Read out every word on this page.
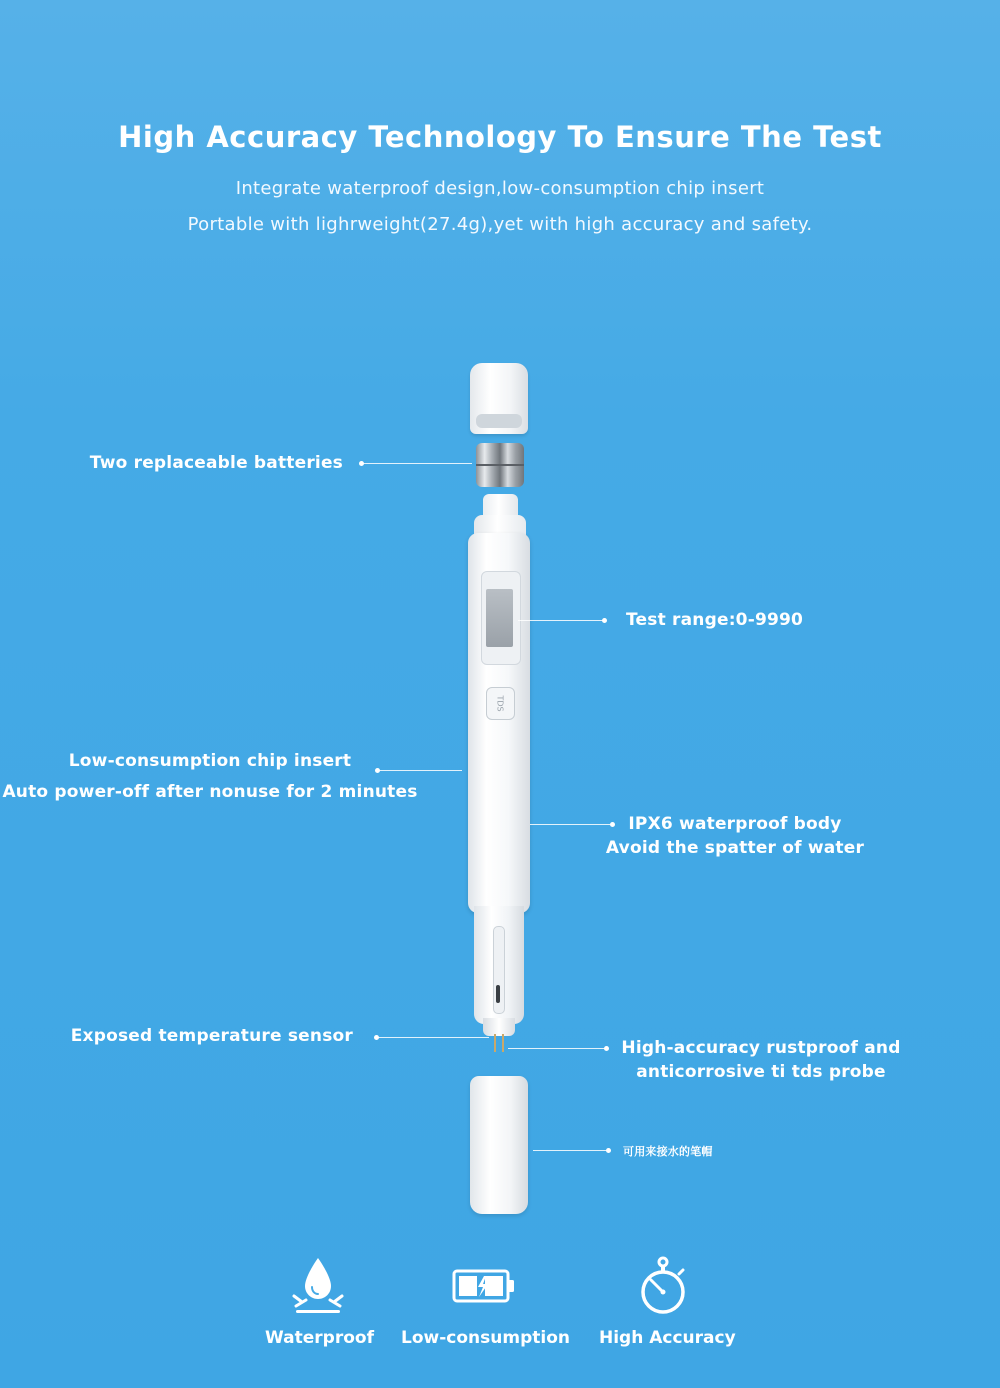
High Accuracy Technology To Ensure The Test
Integrate waterproof design,low-consumption chip insert
Portable with lighrweight(27.4g),yet with high accuracy and safety.
TDS
Two replaceable batteries
Test range:0-9990
Low-consumption chip insert
Auto power-off after nonuse for 2 minutes
IPX6 waterproof body
Avoid the spatter of water
Exposed temperature sensor
High-accuracy rustproof and
anticorrosive ti tds probe
可用来接水的笔帽
Waterproof Low-consumption High Accuracy
